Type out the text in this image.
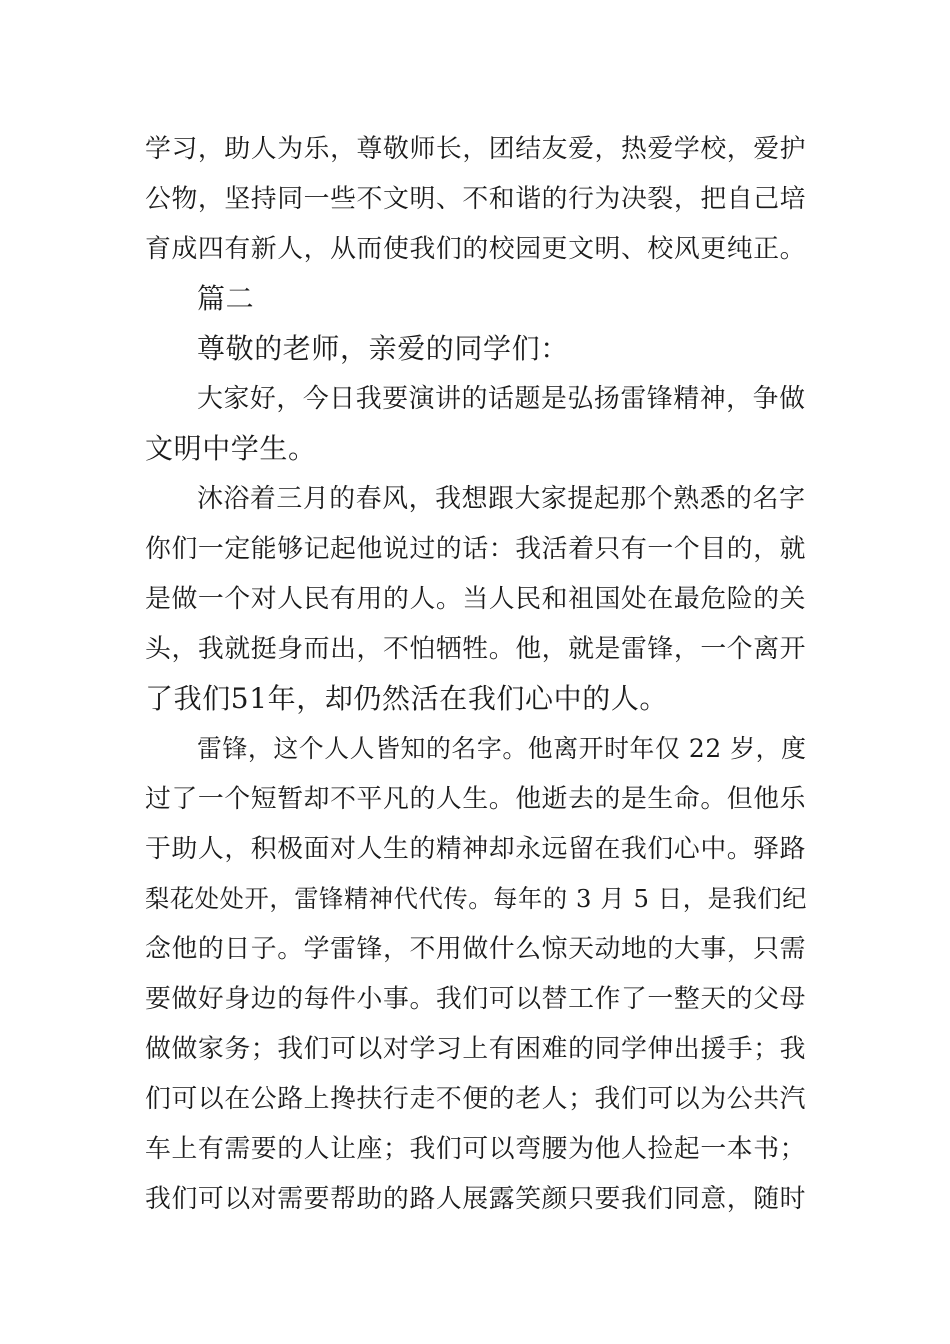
学习，助人为乐，尊敬师长，团结友爱，热爱学校，爱护
公物，坚持同一些不文明、不和谐的行为决裂，把自己培
育成四有新人，从而使我们的校园更文明、校风更纯正。
篇二
尊敬的老师，亲爱的同学们：
大家好，今日我要演讲的话题是弘扬雷锋精神，争做
文明中学生。
沐浴着三月的春风，我想跟大家提起那个熟悉的名字
你们一定能够记起他说过的话：我活着只有一个目的，就
是做一个对人民有用的人。当人民和祖国处在最危险的关
头，我就挺身而出，不怕牺牲。他，就是雷锋，一个离开
了我们51年，却仍然活在我们心中的人。
雷锋，这个人人皆知的名字。他离开时年仅 22 岁，度
过了一个短暂却不平凡的人生。他逝去的是生命。但他乐
于助人，积极面对人生的精神却永远留在我们心中。驿路
梨花处处开，雷锋精神代代传。每年的 3 月 5 日，是我们纪
念他的日子。学雷锋，不用做什么惊天动地的大事，只需
要做好身边的每件小事。我们可以替工作了一整天的父母
做做家务；我们可以对学习上有困难的同学伸出援手；我
们可以在公路上搀扶行走不便的老人；我们可以为公共汽
车上有需要的人让座；我们可以弯腰为他人捡起一本书；
我们可以对需要帮助的路人展露笑颜只要我们同意，随时
